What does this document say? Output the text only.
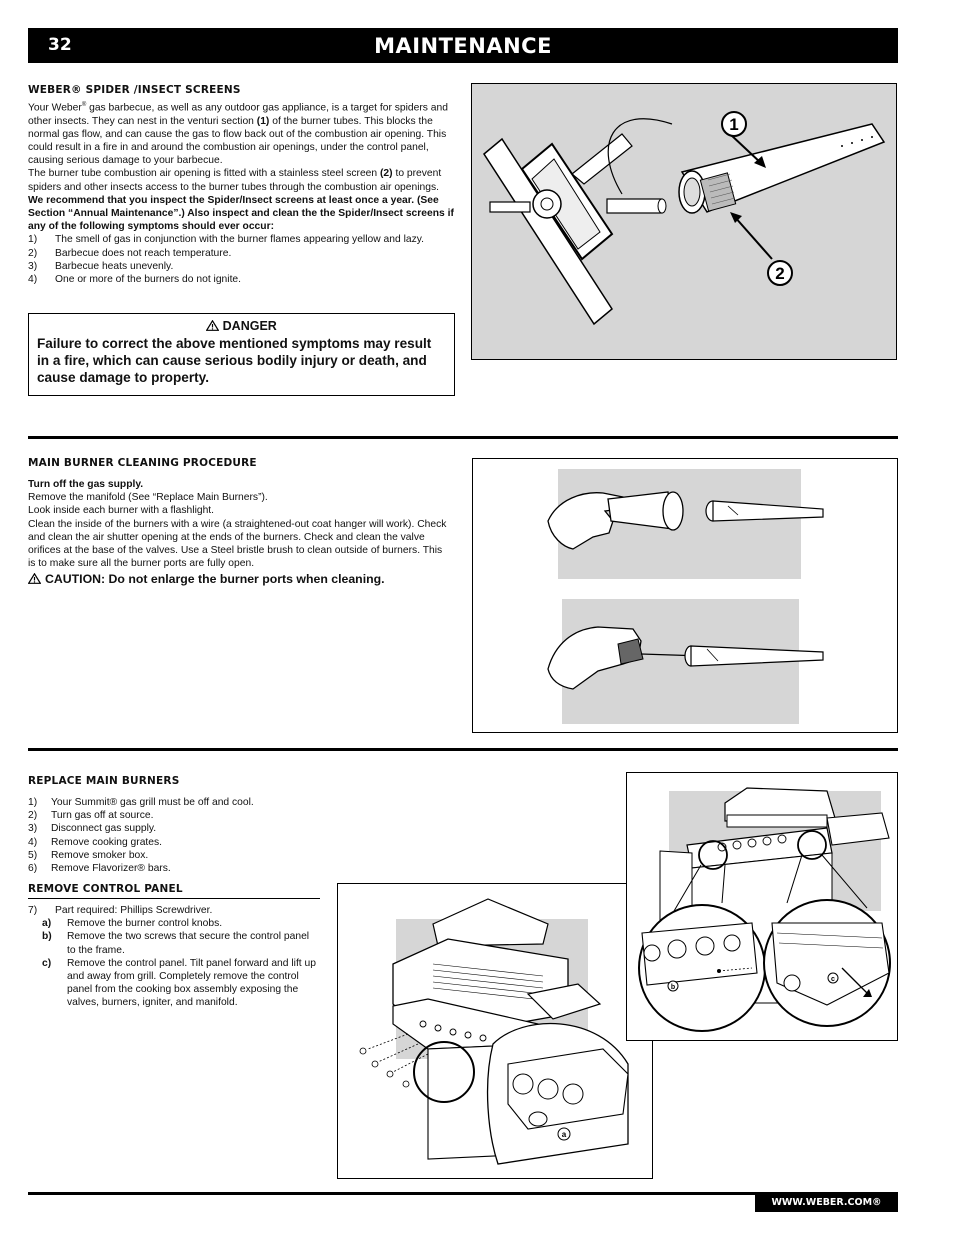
32	MAINTENANCE
WEBER® SPIDER /INSECT SCREENS

Your Weber® gas barbecue, as well as any outdoor gas appliance, is a target for spiders and other insects. They can nest in the venturi section (1) of the burner tubes. This blocks the normal gas flow, and can cause the gas to flow back out of the combustion air opening. This could result in a fire in and around the combustion air openings, under the control panel, causing serious damage to your barbecue.

The burner tube combustion air opening is fitted with a stainless steel screen (2) to prevent spiders and other insects access to the burner tubes through the combustion air openings.

We recommend that you inspect the Spider/Insect screens at least once a year. (See Section “Annual Maintenance”.) Also inspect and clean the the Spider/Insect screens if any of the following symptoms should ever occur:

1)	The smell of gas in conjunction with the burner flames appearing yellow and lazy.
2)	Barbecue does not reach temperature.
3)	Barbecue heats unevenly.
4)	One or more of the burners do not ignite.
DANGER
Failure to correct the above mentioned symptoms may result in a fire, which can cause serious bodily injury or death, and cause damage to property.
1
2
MAIN BURNER CLEANING PROCEDURE

Turn off the gas supply.

Remove the manifold (See “Replace Main Burners”).

Look inside each burner with a flashlight.

Clean the inside of the burners with a wire (a straightened-out coat hanger will work). Check and clean the air shutter opening at the ends of the burners. Check and clean the valve orifices at the base of the valves. Use a Steel bristle brush to clean outside of burners. This is to make sure all the burner ports are fully open.

CAUTION: Do not enlarge the burner ports when cleaning.
REPLACE MAIN BURNERS
1)	Your Summit® gas grill must be off and cool.
2)	Turn gas off at source.
3)	Disconnect gas supply.
4)	Remove cooking grates.
5)	Remove smoker box.
6)	Remove Flavorizer® bars.
REMOVE CONTROL PANEL
7)	Part required: Phillips Screwdriver.
a)	Remove the burner control knobs.
b)	Remove the two screws that secure the control panel to the frame.
c)	Remove the control panel. Tilt panel forward and lift up and away from grill. Completely remove the control panel from the cooking box assembly exposing the valves, burners, igniter, and manifold.
a
b
c
WWW.WEBER.COM®
